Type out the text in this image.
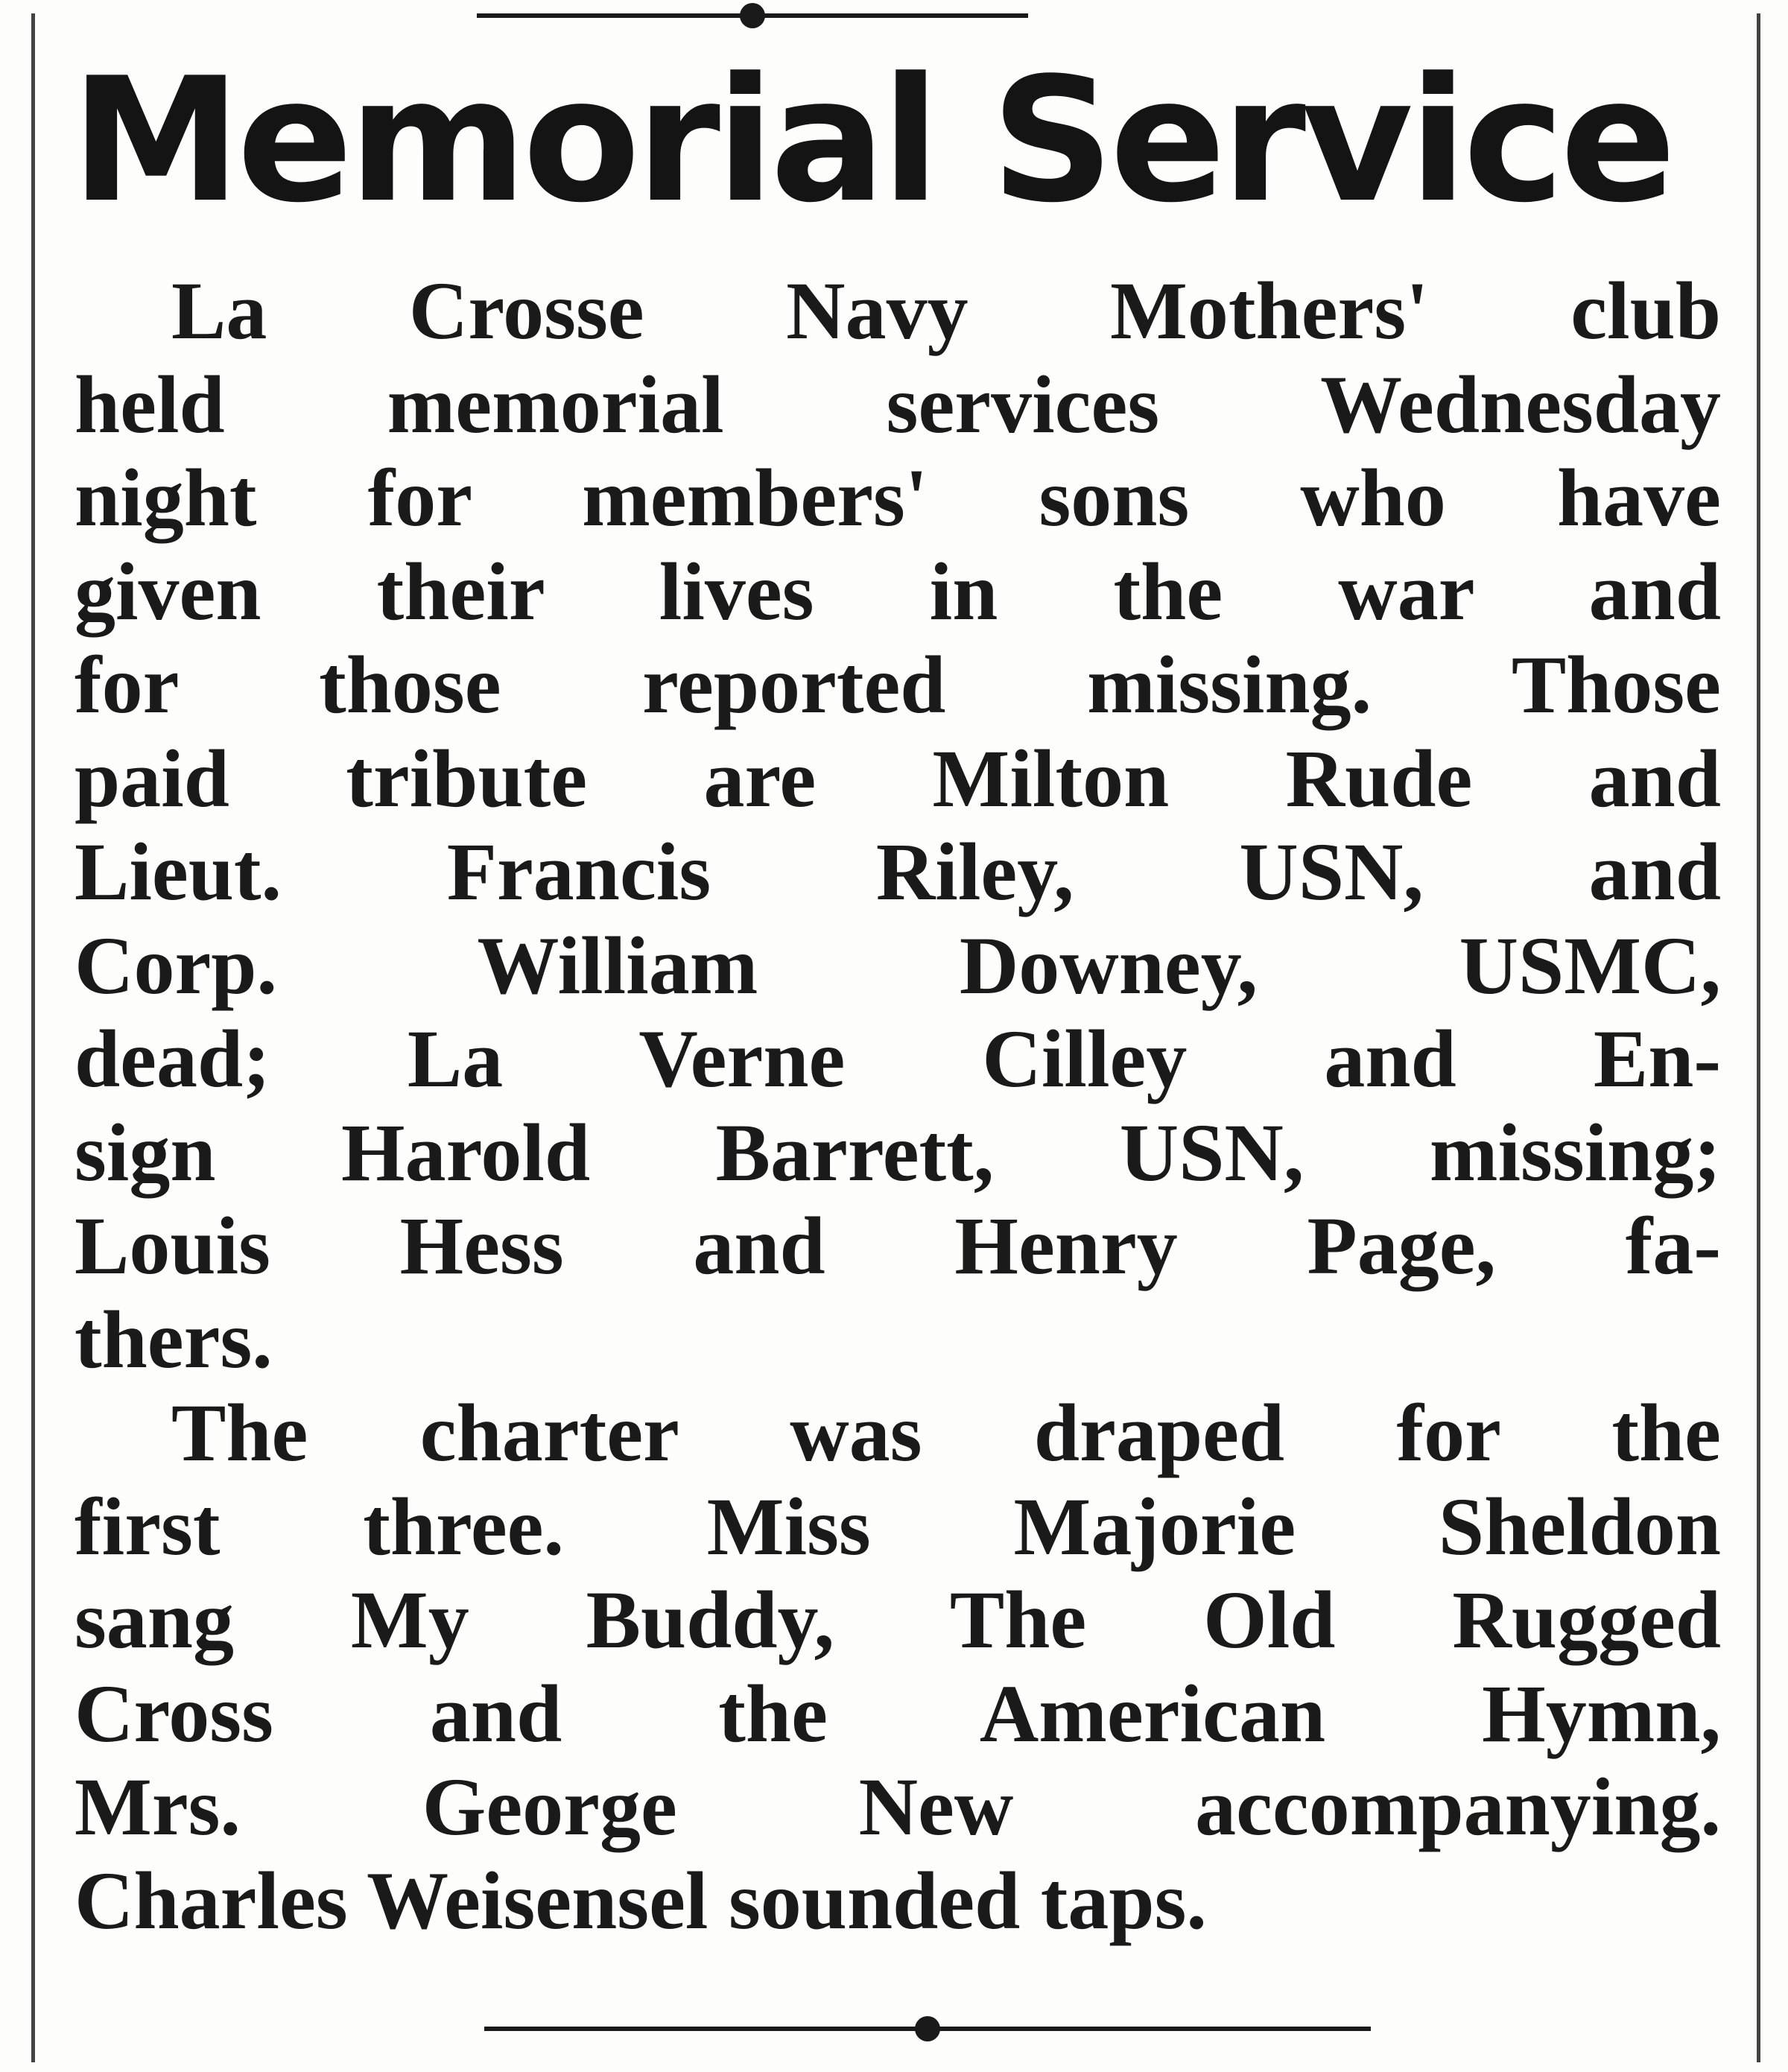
Memorial Service

La Crosse Navy Mothers' club
held memorial services Wednesday
night for members' sons who have
given their lives in the war and
for those reported missing. Those
paid tribute are Milton Rude and
Lieut. Francis Riley, USN, and
Corp. William Downey, USMC,
dead; La Verne Cilley and En-
sign Harold Barrett, USN, missing;
Louis Hess and Henry Page, fa-
thers.

The charter was draped for the
first three. Miss Majorie Sheldon
sang My Buddy, The Old Rugged
Cross and the American Hymn,
Mrs. George New accompanying.
Charles Weisensel sounded taps.
